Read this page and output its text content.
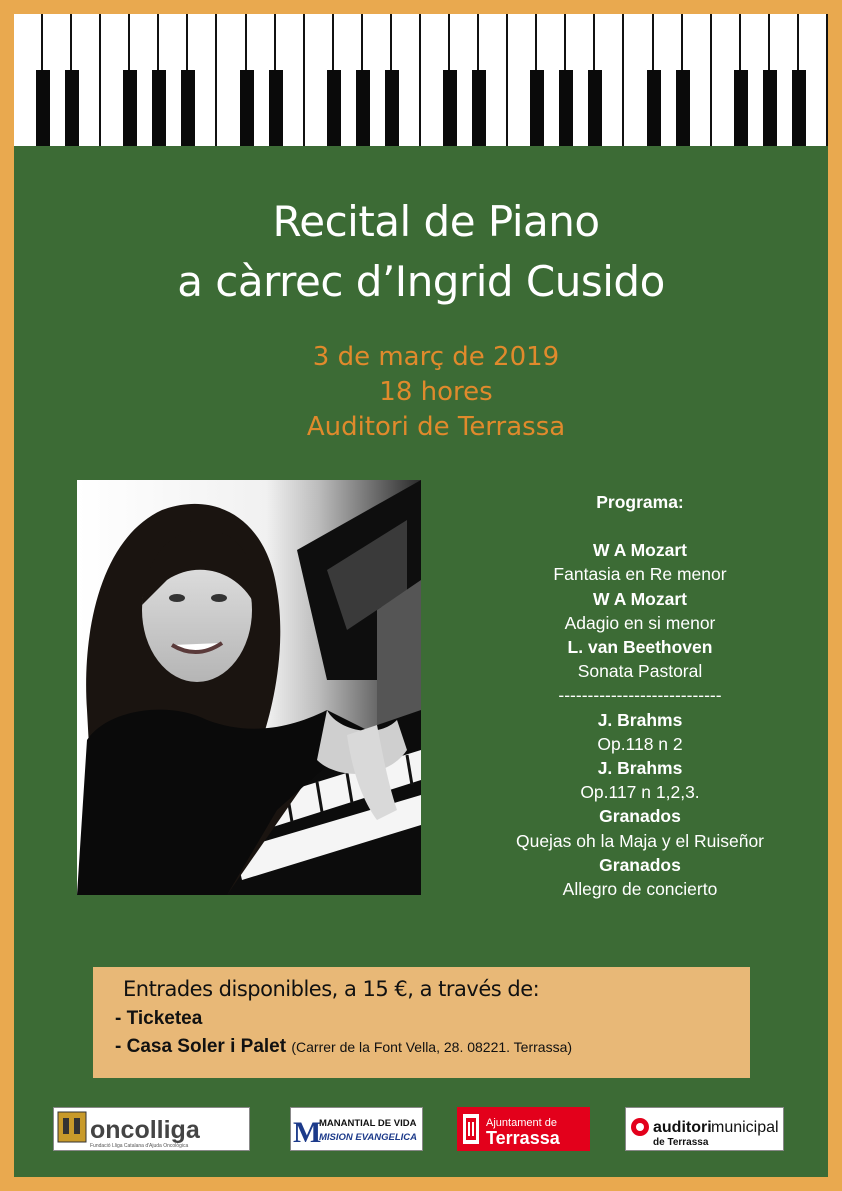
Recital de Piano
a càrrec d’Ingrid Cusido
3 de març de 2019
18 hores
Auditori de Terrassa
Programa:
W A Mozart
Fantasia en Re menor
W A Mozart
Adagio en si menor
L. van Beethoven
Sonata Pastoral
----------------------------
J. Brahms
Op.118 n 2
J. Brahms
Op.117 n 1,2,3.
Granados
Quejas oh la Maja y el Ruiseñor
Granados
Allegro de concierto
Entrades disponibles, a 15 €, a través de:
- Ticketea
- Casa Soler i Palet (Carrer de la Font Vella, 28. 08221. Terrassa)
oncolliga
Fundació Lliga Catalana d'Ajuda Oncològica	M
MANANTIAL DE VIDA
MISION EVANGELICA
Ajuntament de
Terrassa
auditori municipal
de Terrassa
